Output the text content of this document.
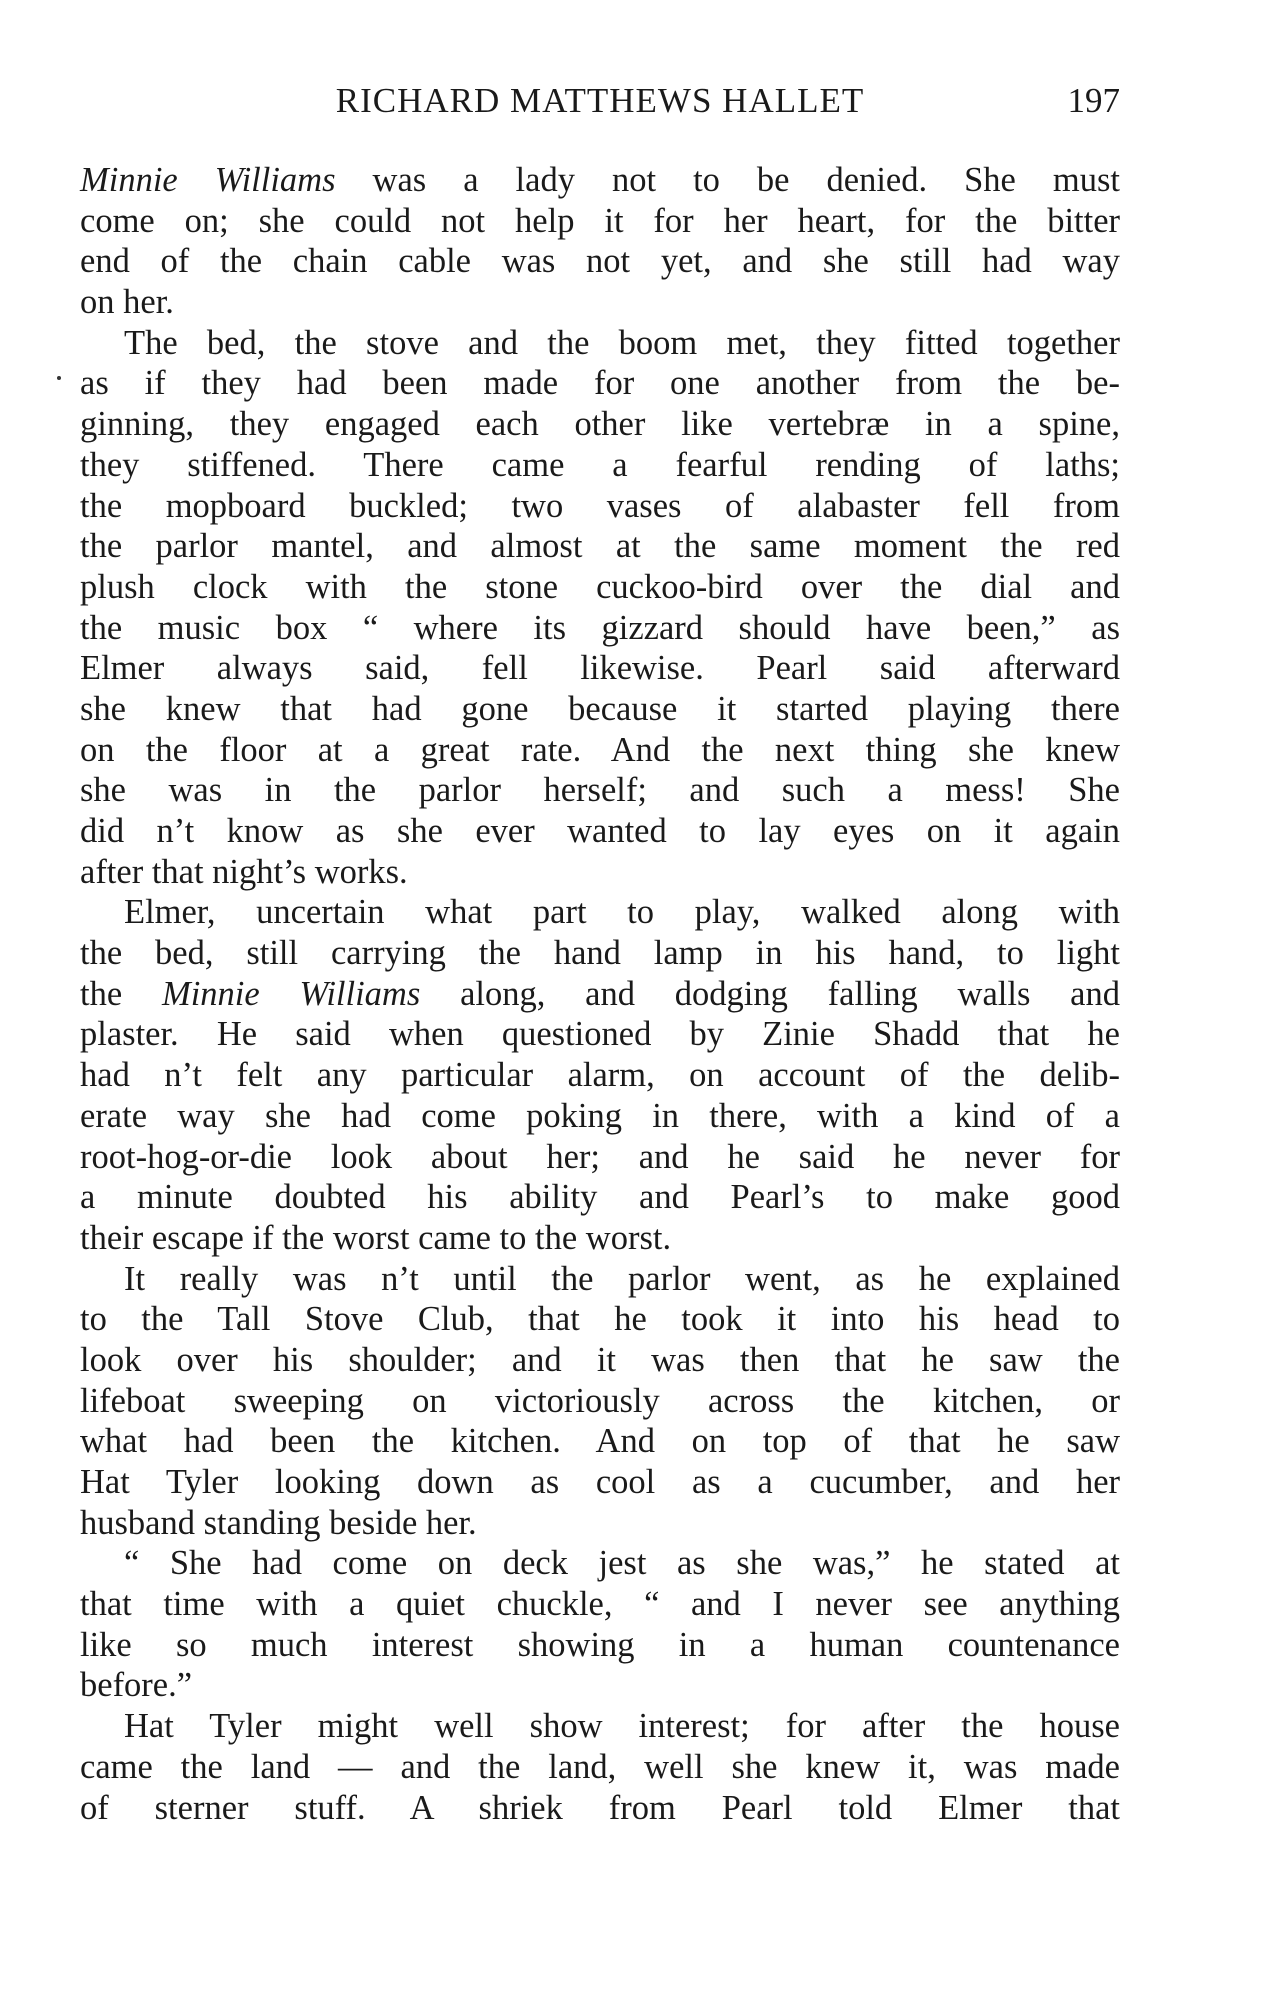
RICHARD MATTHEWS HALLET	197
Minnie Williams was a lady not to be denied. She must
come on; she could not help it for her heart, for the bitter
end of the chain cable was not yet, and she still had way
on her.
The bed, the stove and the boom met, they fitted together
as if they had been made for one another from the be-
ginning, they engaged each other like vertebræ in a spine,
they stiffened. There came a fearful rending of laths;
the mopboard buckled; two vases of alabaster fell from
the parlor mantel, and almost at the same moment the red
plush clock with the stone cuckoo-bird over the dial and
the music box “ where its gizzard should have been,” as
Elmer always said, fell likewise. Pearl said afterward
she knew that had gone because it started playing there
on the floor at a great rate. And the next thing she knew
she was in the parlor herself; and such a mess! She
did n’t know as she ever wanted to lay eyes on it again
after that night’s works.
Elmer, uncertain what part to play, walked along with
the bed, still carrying the hand lamp in his hand, to light
the Minnie Williams along, and dodging falling walls and
plaster. He said when questioned by Zinie Shadd that he
had n’t felt any particular alarm, on account of the delib-
erate way she had come poking in there, with a kind of a
root-hog-or-die look about her; and he said he never for
a minute doubted his ability and Pearl’s to make good
their escape if the worst came to the worst.
It really was n’t until the parlor went, as he explained
to the Tall Stove Club, that he took it into his head to
look over his shoulder; and it was then that he saw the
lifeboat sweeping on victoriously across the kitchen, or
what had been the kitchen. And on top of that he saw
Hat Tyler looking down as cool as a cucumber, and her
husband standing beside her.
“ She had come on deck jest as she was,” he stated at
that time with a quiet chuckle, “ and I never see anything
like so much interest showing in a human countenance
before.”
Hat Tyler might well show interest; for after the house
came the land — and the land, well she knew it, was made
of sterner stuff. A shriek from Pearl told Elmer that
